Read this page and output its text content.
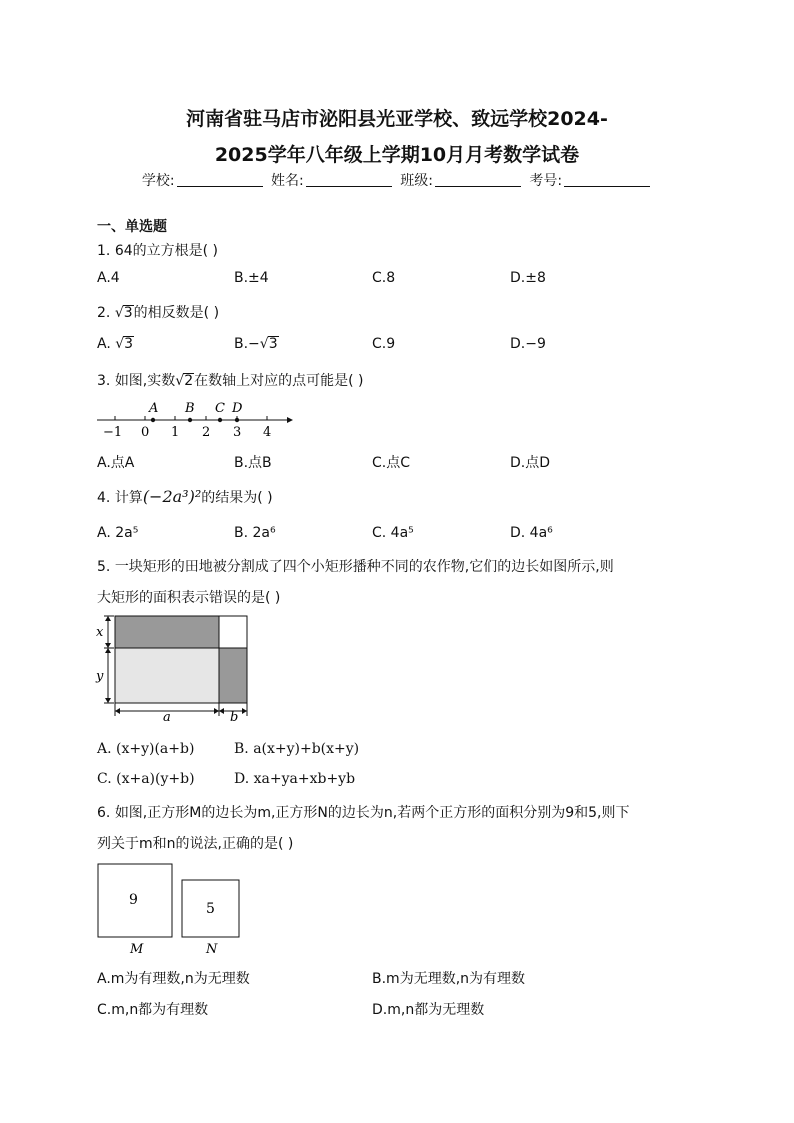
河南省驻马店市泌阳县光亚学校、致远学校2024-
2025学年八年级上学期10月月考数学试卷
学校:	姓名:	班级:	考号:
一、单选题
1. 64的立方根是( )
A.4	B.±4	C.8	D.±8
2. √3的相反数是( )
A. √3	B.−√3	C.9	D.−9
3. 如图,实数√2在数轴上对应的点可能是( )
A B C D
−1 0 1 2 3 4
A.点A	B.点B	C.点C	D.点D
4. 计算(−2a³)²的结果为( )
A. 2a⁵	B. 2a⁶	C. 4a⁵	D. 4a⁶
5. 一块矩形的田地被分割成了四个小矩形播种不同的农作物,它们的边长如图所示,则
大矩形的面积表示错误的是( )
x
y
a	b
A. (x+y)(a+b)	B. a(x+y)+b(x+y)
C. (x+a)(y+b)	D. xa+ya+xb+yb
6. 如图,正方形M的边长为m,正方形N的边长为n,若两个正方形的面积分别为9和5,则下
列关于m和n的说法,正确的是( )
9
5
M	N
A.m为有理数,n为无理数	B.m为无理数,n为有理数
C.m,n都为有理数	D.m,n都为无理数
